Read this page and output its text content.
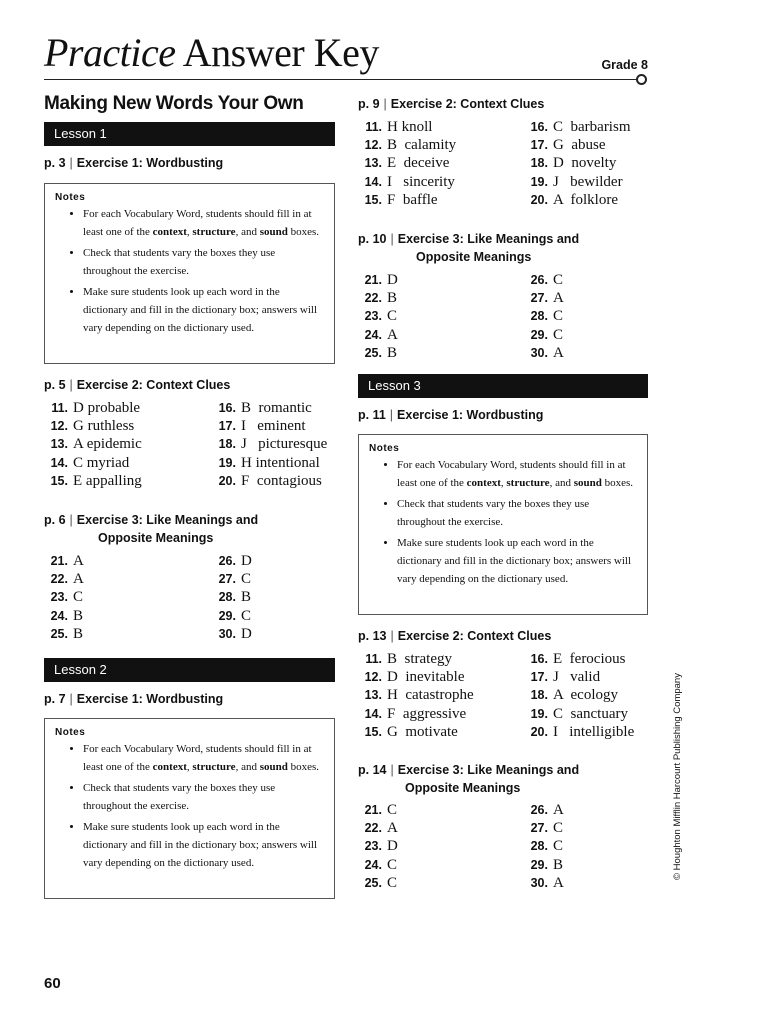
Practice Answer Key	Grade 8
Making New Words Your Own
Lesson 1
p. 3 | Exercise 1: Wordbusting
Notes
• For each Vocabulary Word, students should fill in at least one of the context, structure, and sound boxes.
• Check that students vary the boxes they use throughout the exercise.
• Make sure students look up each word in the dictionary and fill in the dictionary box; answers will vary depending on the dictionary used.
p. 5 | Exercise 2: Context Clues
11. D probable	16. B  romantic
12. G ruthless	17. I   eminent
13. A epidemic	18. J   picturesque
14. C myriad	19. H intentional
15. E appalling	20. F  contagious
p. 6 | Exercise 3: Like Meanings and
Opposite Meanings
21. A	26. D
22. A	27. C
23. C	28. B
24. B	29. C
25. B	30. D
Lesson 2
p. 7 | Exercise 1: Wordbusting
Notes
• For each Vocabulary Word, students should fill in at least one of the context, structure, and sound boxes.
• Check that students vary the boxes they use throughout the exercise.
• Make sure students look up each word in the dictionary and fill in the dictionary box; answers will vary depending on the dictionary used.
p. 9 | Exercise 2: Context Clues
11. H knoll	16. C  barbarism
12. B  calamity	17. G  abuse
13. E  deceive	18. D  novelty
14. I   sincerity	19. J   bewilder
15. F  baffle	20. A  folklore
p. 10 | Exercise 3: Like Meanings and
Opposite Meanings
21. D	26. C
22. B	27. A
23. C	28. C
24. A	29. C
25. B	30. A
Lesson 3
p. 11 | Exercise 1: Wordbusting
Notes
• For each Vocabulary Word, students should fill in at least one of the context, structure, and sound boxes.
• Check that students vary the boxes they use throughout the exercise.
• Make sure students look up each word in the dictionary and fill in the dictionary box; answers will vary depending on the dictionary used.
p. 13 | Exercise 2: Context Clues
11. B  strategy	16. E  ferocious
12. D  inevitable	17. J   valid
13. H  catastrophe	18. A  ecology
14. F  aggressive	19. C  sanctuary
15. G  motivate	20. I   intelligible
p. 14 | Exercise 3: Like Meanings and
Opposite Meanings
21. C	26. A
22. A	27. C
23. D	28. C
24. C	29. B
25. C	30. A
© Houghton Mifflin Harcourt Publishing Company
60
